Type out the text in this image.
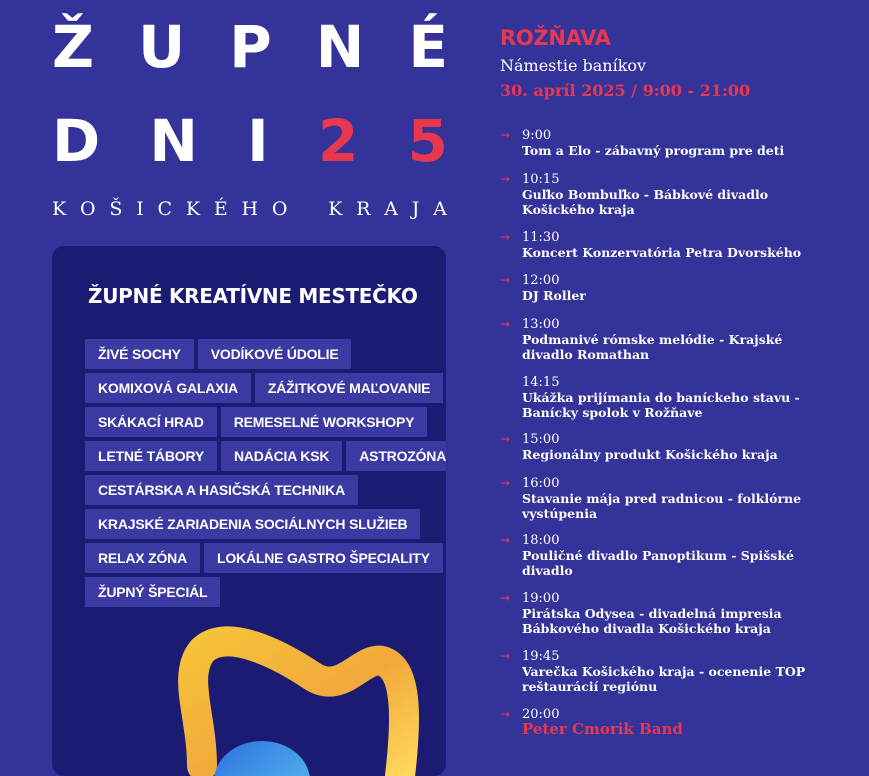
Ž U P N É
D N I 2 5
K O Š I C K É H O K R A J A
ŽUPNÉ KREATÍVNE MESTEČKO
ŽIVÉ SOCHY	VODÍKOVÉ ÚDOLIE
KOMIXOVÁ GALAXIA	ZÁŽITKOVÉ MAĽOVANIE
SKÁKACÍ HRAD	REMESELNÉ WORKSHOPY
LETNÉ TÁBORY	NADÁCIA KSK	ASTROZÓNA
CESTÁRSKA A HASIČSKÁ TECHNIKA
KRAJSKÉ ZARIADENIA SOCIÁLNYCH SLUŽIEB
RELAX ZÓNA	LOKÁLNE GASTRO ŠPECIALITY
ŽUPNÝ ŠPECIÁL
ROŽŇAVA
Námestie baníkov
30. apríl 2025 / 9:00 - 21:00
→ 9:00
Tom a Elo - zábavný program pre deti
→ 10:15
Guľko Bombuľko - Bábkové divadlo Košického kraja
→ 11:30
Koncert Konzervatória Petra Dvorského
→ 12:00
DJ Roller
→ 13:00
Podmanivé rómske melódie - Krajské divadlo Romathan
14:15
Ukážka prijímania do baníckeho stavu - Banícky spolok v Rožňave
→ 15:00
Regionálny produkt Košického kraja
→ 16:00
Stavanie mája pred radnicou - folklórne vystúpenia
→ 18:00
Pouličné divadlo Panoptikum - Spišské divadlo
→ 19:00
Pirátska Odysea - divadelná impresia Bábkového divadla Košického kraja
→ 19:45
Varečka Košického kraja - ocenenie TOP reštaurácií regiónu
→ 20:00
Peter Cmorik Band
